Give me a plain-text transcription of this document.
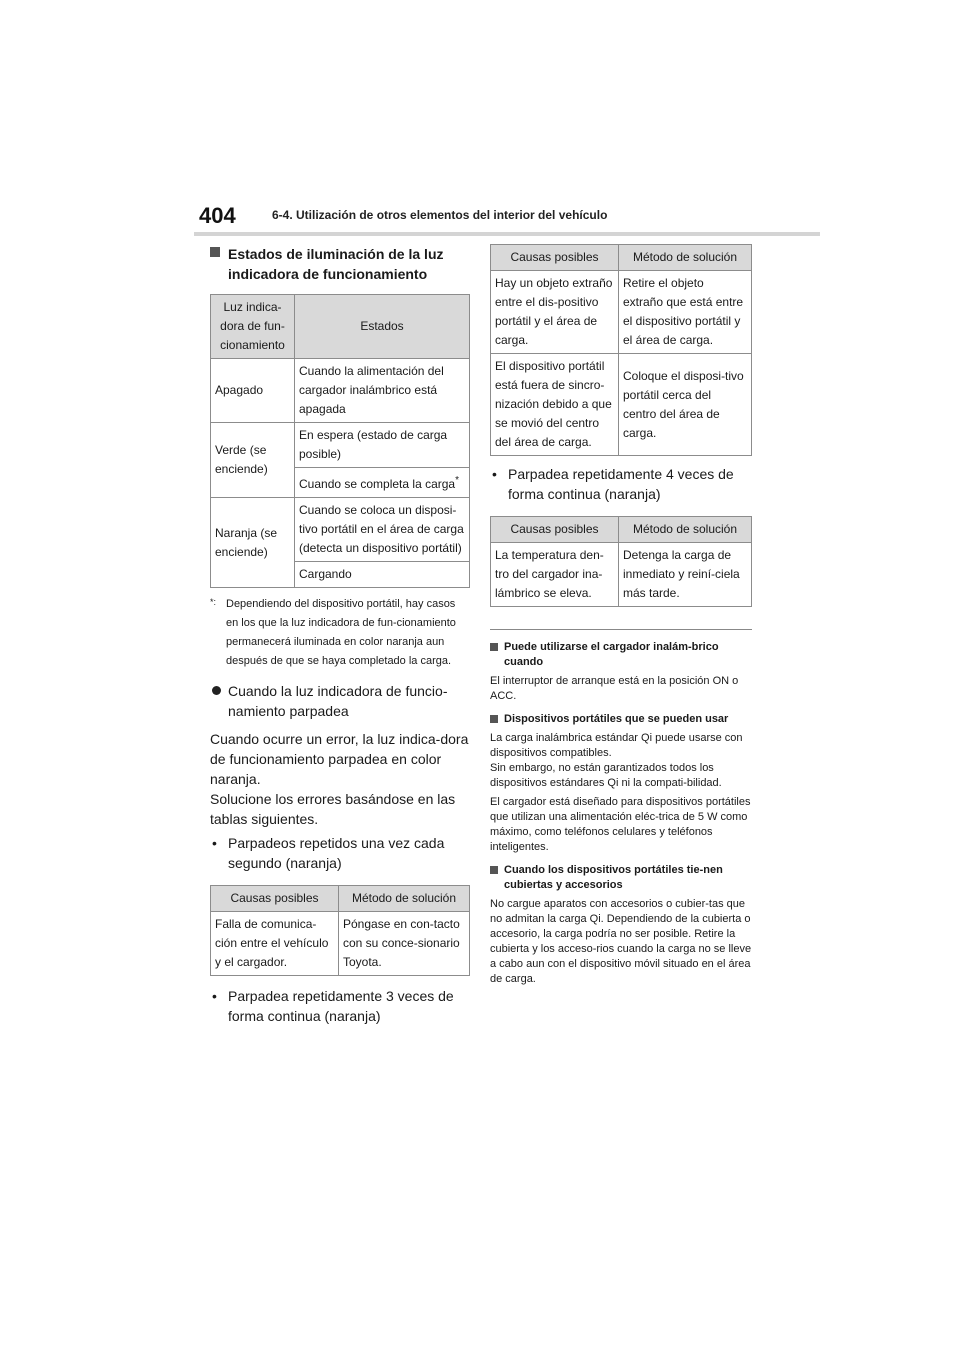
404	6-4. Utilización de otros elementos del interior del vehículo
Estados de iluminación de la luz indicadora de funcionamiento
Luz indica-dora de fun-cionamiento	Estados
Apagado	Cuando la alimentación del cargador inalámbrico está apagada
Verde (se enciende)	En espera (estado de carga posible)
	Cuando se completa la carga*
Naranja (se enciende)	Cuando se coloca un disposi-tivo portátil en el área de carga (detecta un dispositivo portátil)
	Cargando
*: Dependiendo del dispositivo portátil, hay casos en los que la luz indicadora de fun-cionamiento permanecerá iluminada en color naranja aun después de que se haya completado la carga.
Cuando la luz indicadora de funcio-namiento parpadea
Cuando ocurre un error, la luz indica-dora de funcionamiento parpadea en color naranja.
Solucione los errores basándose en las tablas siguientes.
• Parpadeos repetidos una vez cada segundo (naranja)
Causas posibles	Método de solución
Falla de comunica-ción entre el vehículo y el cargador.	Póngase en con-tacto con su conce-sionario Toyota.
• Parpadea repetidamente 3 veces de forma continua (naranja)
Causas posibles	Método de solución
Hay un objeto extraño entre el dis-positivo portátil y el área de carga.	Retire el objeto extraño que está entre el dispositivo portátil y el área de carga.
El dispositivo portátil está fuera de sincro-nización debido a que se movió del centro del área de carga.	Coloque el disposi-tivo portátil cerca del centro del área de carga.
• Parpadea repetidamente 4 veces de forma continua (naranja)
Causas posibles	Método de solución
La temperatura den-tro del cargador ina-lámbrico se eleva.	Detenga la carga de inmediato y reiní-ciela más tarde.
Puede utilizarse el cargador inalám-brico cuando
El interruptor de arranque está en la posición ON o ACC.
Dispositivos portátiles que se pueden usar
La carga inalámbrica estándar Qi puede usarse con dispositivos compatibles.
Sin embargo, no están garantizados todos los dispositivos estándares Qi ni la compati-bilidad.
El cargador está diseñado para dispositivos portátiles que utilizan una alimentación eléc-trica de 5 W como máximo, como teléfonos celulares y teléfonos inteligentes.
Cuando los dispositivos portátiles tie-nen cubiertas y accesorios
No cargue aparatos con accesorios o cubier-tas que no admitan la carga Qi. Dependiendo de la cubierta o accesorio, la carga podría no ser posible. Retire la cubierta y los acceso-rios cuando la carga no se lleve a cabo aun con el dispositivo móvil situado en el área de carga.
